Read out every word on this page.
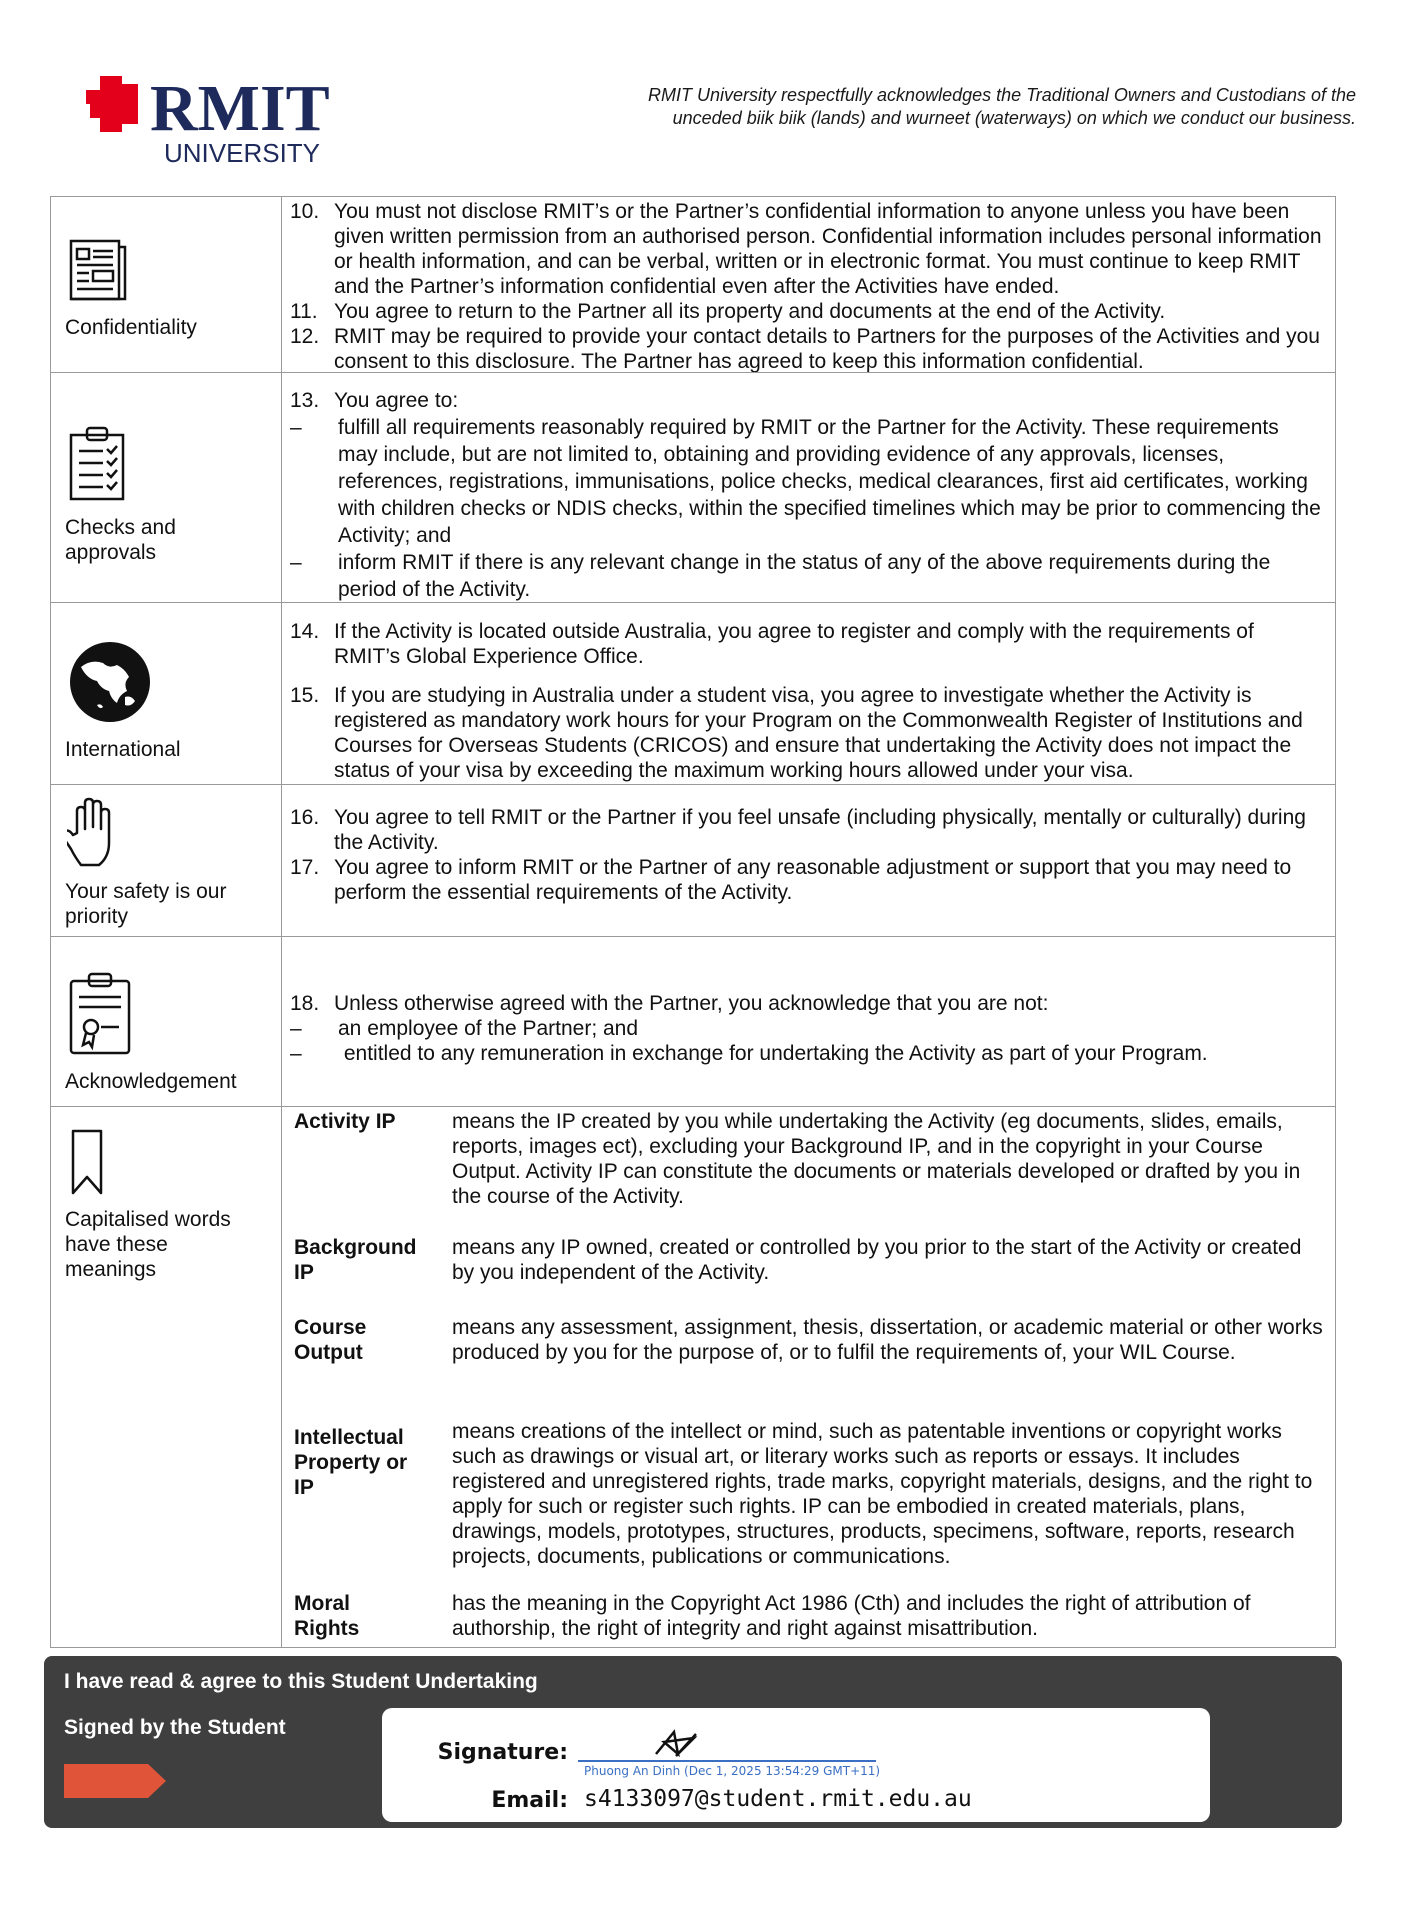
RMIT
UNIVERSITY
RMIT University respectfully acknowledges the Traditional Owners and Custodians of the
unceded biik biik (lands) and wurneet (waterways) on which we conduct our business.
Confidentiality
10. You must not disclose RMIT’s or the Partner’s confidential information to anyone unless you have been given written permission from an authorised person. Confidential information includes personal information or health information, and can be verbal, written or in electronic format. You must continue to keep RMIT and the Partner’s information confidential even after the Activities have ended.
11. You agree to return to the Partner all its property and documents at the end of the Activity.
12. RMIT may be required to provide your contact details to Partners for the purposes of the Activities and you consent to this disclosure. The Partner has agreed to keep this information confidential.
Checks and
approvals
13. You agree to:
–	fulfill all requirements reasonably required by RMIT or the Partner for the Activity. These requirements may include, but are not limited to, obtaining and providing evidence of any approvals, licenses, references, registrations, immunisations, police checks, medical clearances, first aid certificates, working with children checks or NDIS checks, within the specified timelines which may be prior to commencing the Activity; and
–	inform RMIT if there is any relevant change in the status of any of the above requirements during the period of the Activity.
International
14. If the Activity is located outside Australia, you agree to register and comply with the requirements of RMIT’s Global Experience Office.
15. If you are studying in Australia under a student visa, you agree to investigate whether the Activity is registered as mandatory work hours for your Program on the Commonwealth Register of Institutions and Courses for Overseas Students (CRICOS) and ensure that undertaking the Activity does not impact the status of your visa by exceeding the maximum working hours allowed under your visa.
Your safety is our
priority
16. You agree to tell RMIT or the Partner if you feel unsafe (including physically, mentally or culturally) during the Activity.
17. You agree to inform RMIT or the Partner of any reasonable adjustment or support that you may need to perform the essential requirements of the Activity.
Acknowledgement
18. Unless otherwise agreed with the Partner, you acknowledge that you are not:
–	an employee of the Partner; and
–	entitled to any remuneration in exchange for undertaking the Activity as part of your Program.
Capitalised words
have these
meanings
Activity IP	means the IP created by you while undertaking the Activity (eg documents, slides, emails, reports, images ect), excluding your Background IP, and in the copyright in your Course Output. Activity IP can constitute the documents or materials developed or drafted by you in the course of the Activity.
Background IP
means any IP owned, created or controlled by you prior to the start of the Activity or created by you independent of the Activity.
Course Output
means any assessment, assignment, thesis, dissertation, or academic material or other works produced by you for the purpose of, or to fulfil the requirements of, your WIL Course.
Intellectual Property or IP
means creations of the intellect or mind, such as patentable inventions or copyright works such as drawings or visual art, or literary works such as reports or essays. It includes registered and unregistered rights, trade marks, copyright materials, designs, and the right to apply for such or register such rights. IP can be embodied in created materials, plans, drawings, models, prototypes, structures, products, specimens, software, reports, research projects, documents, publications or communications.
Moral Rights
has the meaning in the Copyright Act 1986 (Cth) and includes the right of attribution of authorship, the right of integrity and right against misattribution.
I have read & agree to this Student Undertaking
Signed by the Student
Signature:
Phuong An Dinh (Dec 1, 2025 13:54:29 GMT+11)
Email: s4133097@student.rmit.edu.au
